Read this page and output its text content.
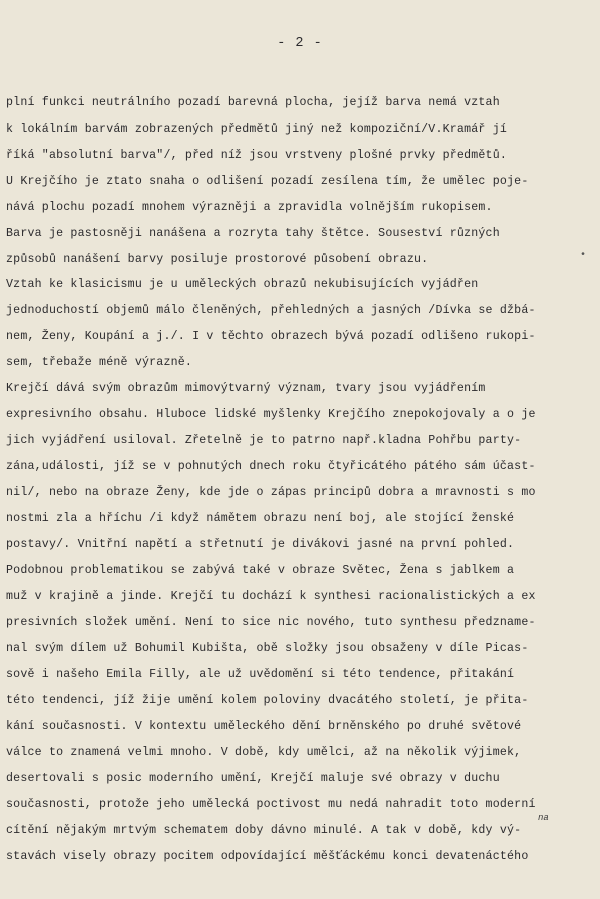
- 2 -
plní funkci neutrálního pozadí barevná plocha, jejíž barva nemá vztah
k lokálním barvám zobrazených předmětů jiný než kompoziční/V.Kramář jí
říká "absolutní barva"/, před níž jsou vrstveny plošné prvky předmětů.
U Krejčího je ztato snaha o odlišení pozadí zesílena tím, že umělec poje-
nává plochu pozadí mnohem výrazněji a zpravidla volnějším rukopisem.
Barva je pastosněji nanášena a rozryta tahy štětce. Souseství různých
způsobů nanášení barvy posiluje prostorové působení obrazu.
Vztah ke klasicismu je u uměleckých obrazů nekubisujících vyjádřen
jednoduchostí objemů málo členěných, přehledných a jasných /Dívka se džbá-
nem, Ženy, Koupání a j./. I v těchto obrazech bývá pozadí odlišeno rukopi-
sem, třebaže méně výrazně.
Krejčí dává svým obrazům mimovýtvarný význam, tvary jsou vyjádřením
expresivního obsahu. Hluboce lidské myšlenky Krejčího znepokojovaly a o je
jich vyjádření usiloval. Zřetelně je to patrno např.kladna Pohřbu party-
zána,události, jíž se v pohnutých dnech roku čtyřicátého pátého sám účast-
nil/, nebo na obraze Ženy, kde jde o zápas principů dobra a mravnosti s mo
nostmi zla a hříchu /i když námětem obrazu není boj, ale stojící ženské
postavy/. Vnitřní napětí a střetnutí je divákovi jasné na první pohled.
Podobnou problematikou se zabývá také v obraze Světec, Žena s jablkem a
muž v krajině a jinde. Krejčí tu dochází k synthesi racionalistických a ex
presivních složek umění. Není to sice nic nového, tuto synthesu předzname-
nal svým dílem už Bohumil Kubišta, obě složky jsou obsaženy v díle Picas-
sově i našeho Emila Filly, ale už uvědomění si této tendence, přitakání
této tendenci, jíž žije umění kolem poloviny dvacátého století, je přita-
kání současnosti. V kontextu uměleckého dění brněnského po druhé světové
válce to znamená velmi mnoho. V době, kdy umělci, až na několik výjimek,
desertovali s posic moderního umění, Krejčí maluje své obrazy v duchu
současnosti, protože jeho umělecká poctivost mu nedá nahradit toto moderní
cítění nějakým mrtvým schematem doby dávno minulé. A tak v době, kdy vý-
stavách visely obrazy pocitem odpovídající měšťáckému konci devatenáctého
na
•
